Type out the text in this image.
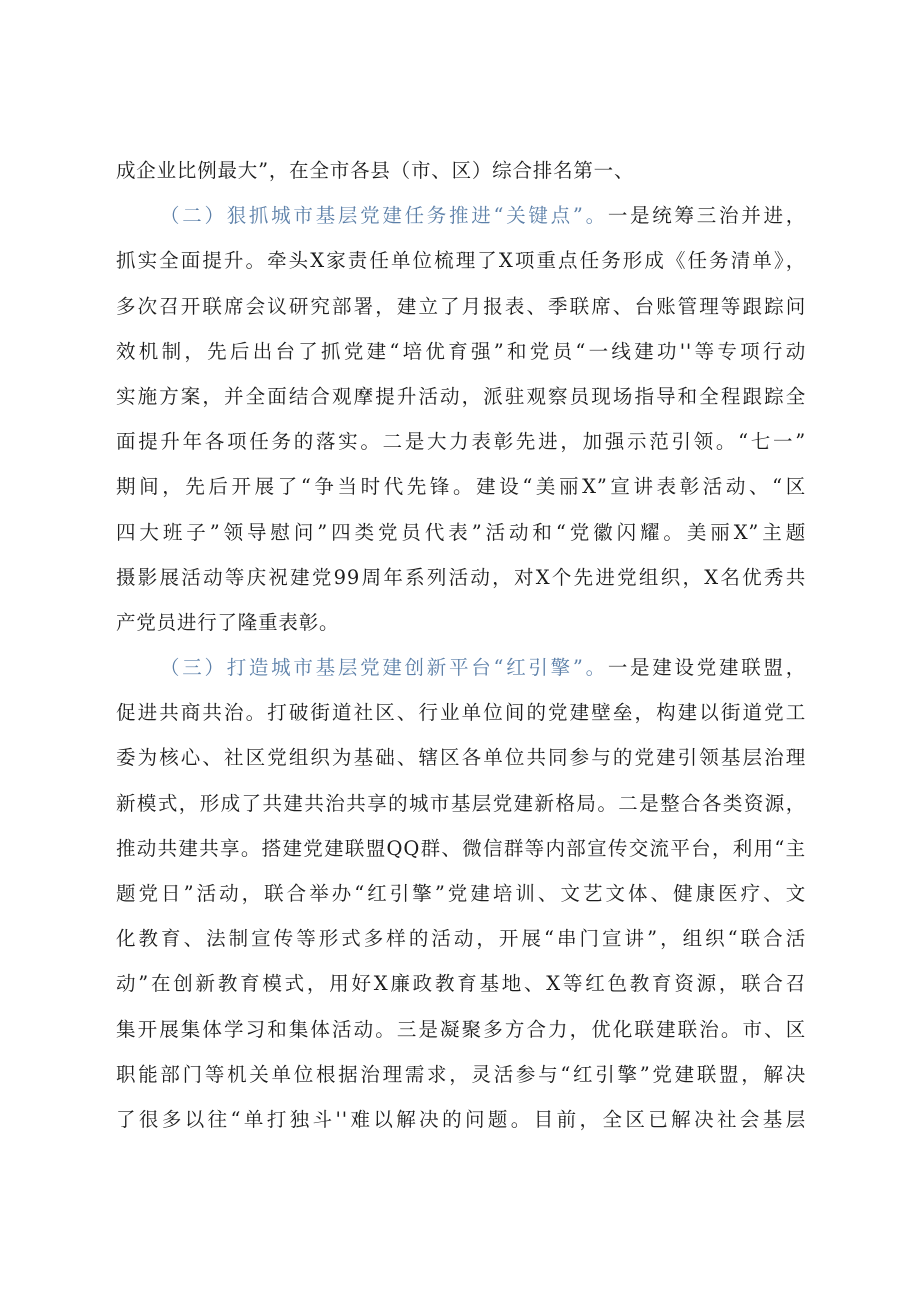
成企业比例最大”，在全市各县（市、区）综合排名第一、
（二）狠抓城市基层党建任务推进“关键点”。一是统筹三治并进，
抓实全面提升。牵头X家责任单位梳理了X项重点任务形成《任务清单》，
多次召开联席会议研究部署，建立了月报表、季联席、台账管理等跟踪问
效机制，先后出台了抓党建“培优育强”和党员“一线建功''等专项行动
实施方案，并全面结合观摩提升活动，派驻观察员现场指导和全程跟踪全
面提升年各项任务的落实。二是大力表彰先进，加强示范引领。“七一”
期间，先后开展了“争当时代先锋。建设“美丽X”宣讲表彰活动、“区
四大班子”领导慰问”四类党员代表”活动和“党徽闪耀。美丽X”主题
摄影展活动等庆祝建党99周年系列活动，对X个先进党组织，X名优秀共
产党员进行了隆重表彰。
（三）打造城市基层党建创新平台“红引擎”。一是建设党建联盟，
促进共商共治。打破街道社区、行业单位间的党建壁垒，构建以街道党工
委为核心、社区党组织为基础、辖区各单位共同参与的党建引领基层治理
新模式，形成了共建共治共享的城市基层党建新格局。二是整合各类资源，
推动共建共享。搭建党建联盟QQ群、微信群等内部宣传交流平台，利用“主
题党日”活动，联合举办“红引擎”党建培训、文艺文体、健康医疗、文
化教育、法制宣传等形式多样的活动，开展“串门宣讲”，组织“联合活
动”在创新教育模式，用好X廉政教育基地、X等红色教育资源，联合召
集开展集体学习和集体活动。三是凝聚多方合力，优化联建联治。市、区
职能部门等机关单位根据治理需求，灵活参与“红引擎”党建联盟，解决
了很多以往“单打独斗''难以解决的问题。目前，全区已解决社会基层
